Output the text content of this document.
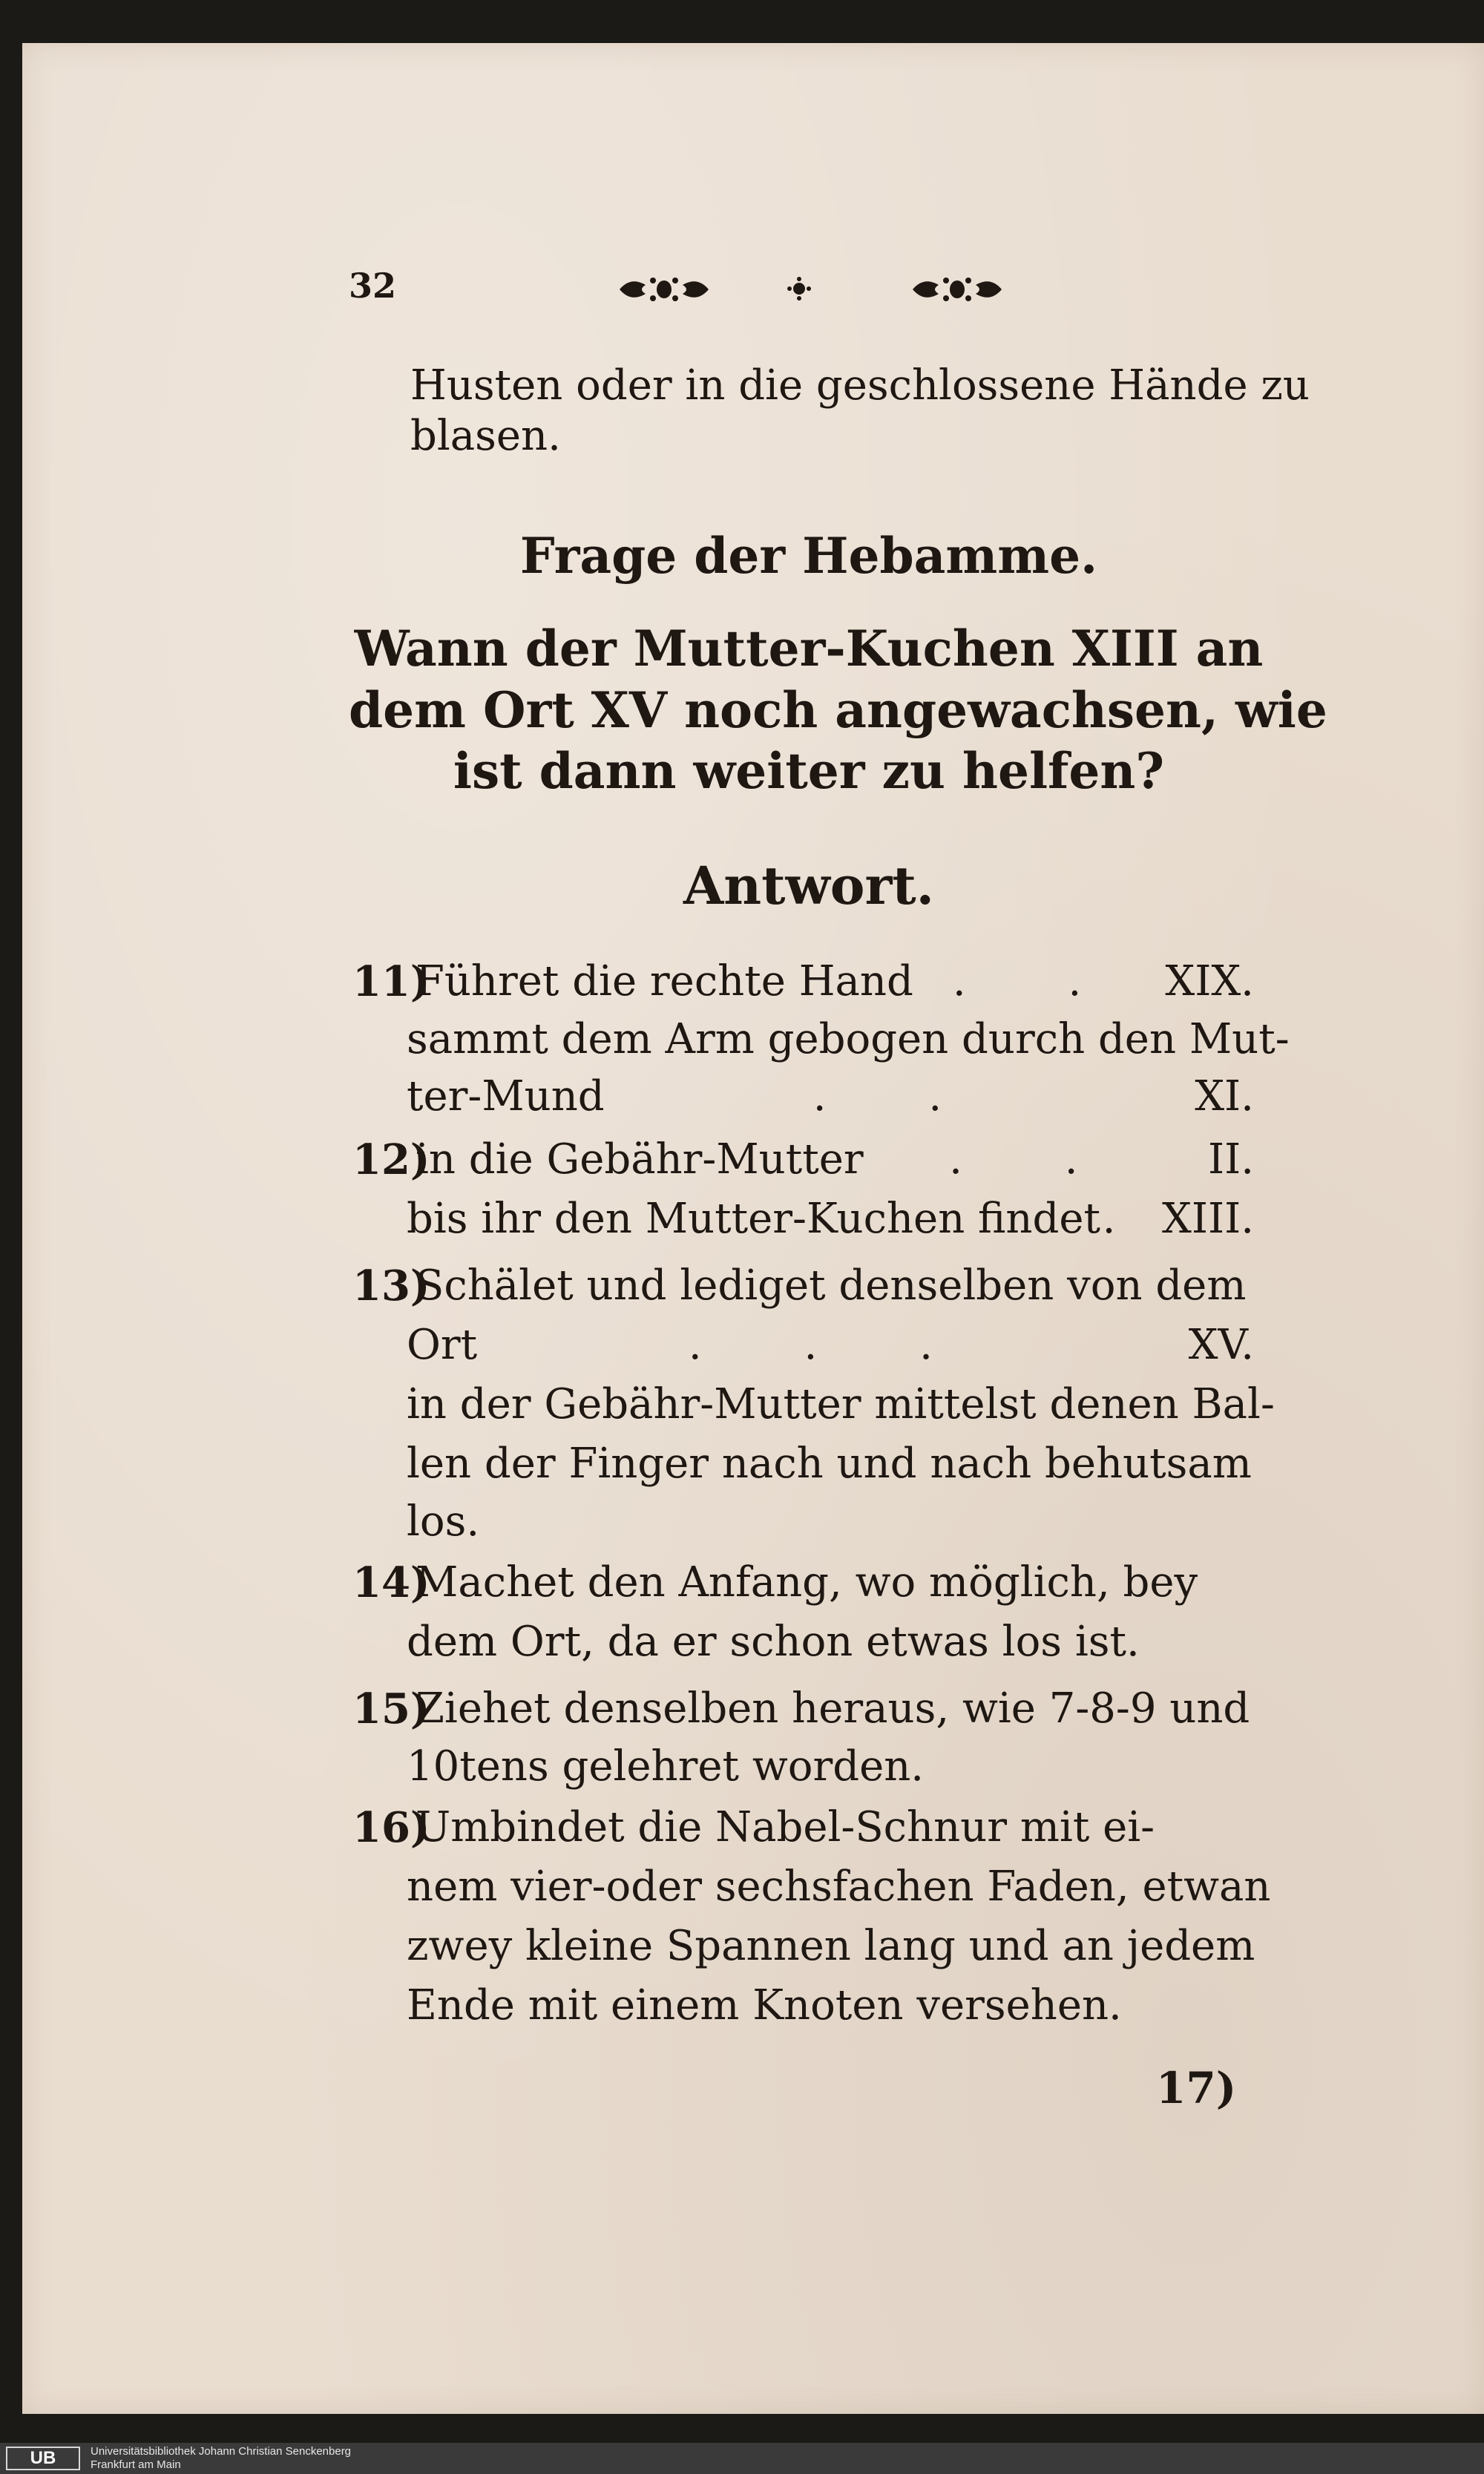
32
Husten oder in die geschlossene Hände zu
blasen.
Frage der Hebamme.
Wann der Mutter-Kuchen XIII an
dem Ort XV noch angewachsen, wie
ist dann weiter zu helfen?
Antwort.
11)
Führet die rechte Hand . . XIX.
sammt dem Arm gebogen durch den Mut-
ter-Mund	. .	XI.
12)
in die Gebähr-Mutter . . II.
bis ihr den Mutter-Kuchen findet . XIII.
13)
Schälet und lediget denselben von dem
Ort	. . .	XV.
in der Gebähr-Mutter mittelst denen Bal-
len der Finger nach und nach behutsam
los.
14)
Machet den Anfang, wo möglich, bey
dem Ort, da er schon etwas los ist.
15)
Ziehet denselben heraus, wie 7-8-9 und
10tens gelehret worden.
16)
Umbindet die Nabel-Schnur mit ei-
nem vier-oder sechsfachen Faden, etwan
zwey kleine Spannen lang und an jedem
Ende mit einem Knoten versehen.
17)
UB	Universitätsbibliothek Johann Christian Senckenberg
Frankfurt am Main
